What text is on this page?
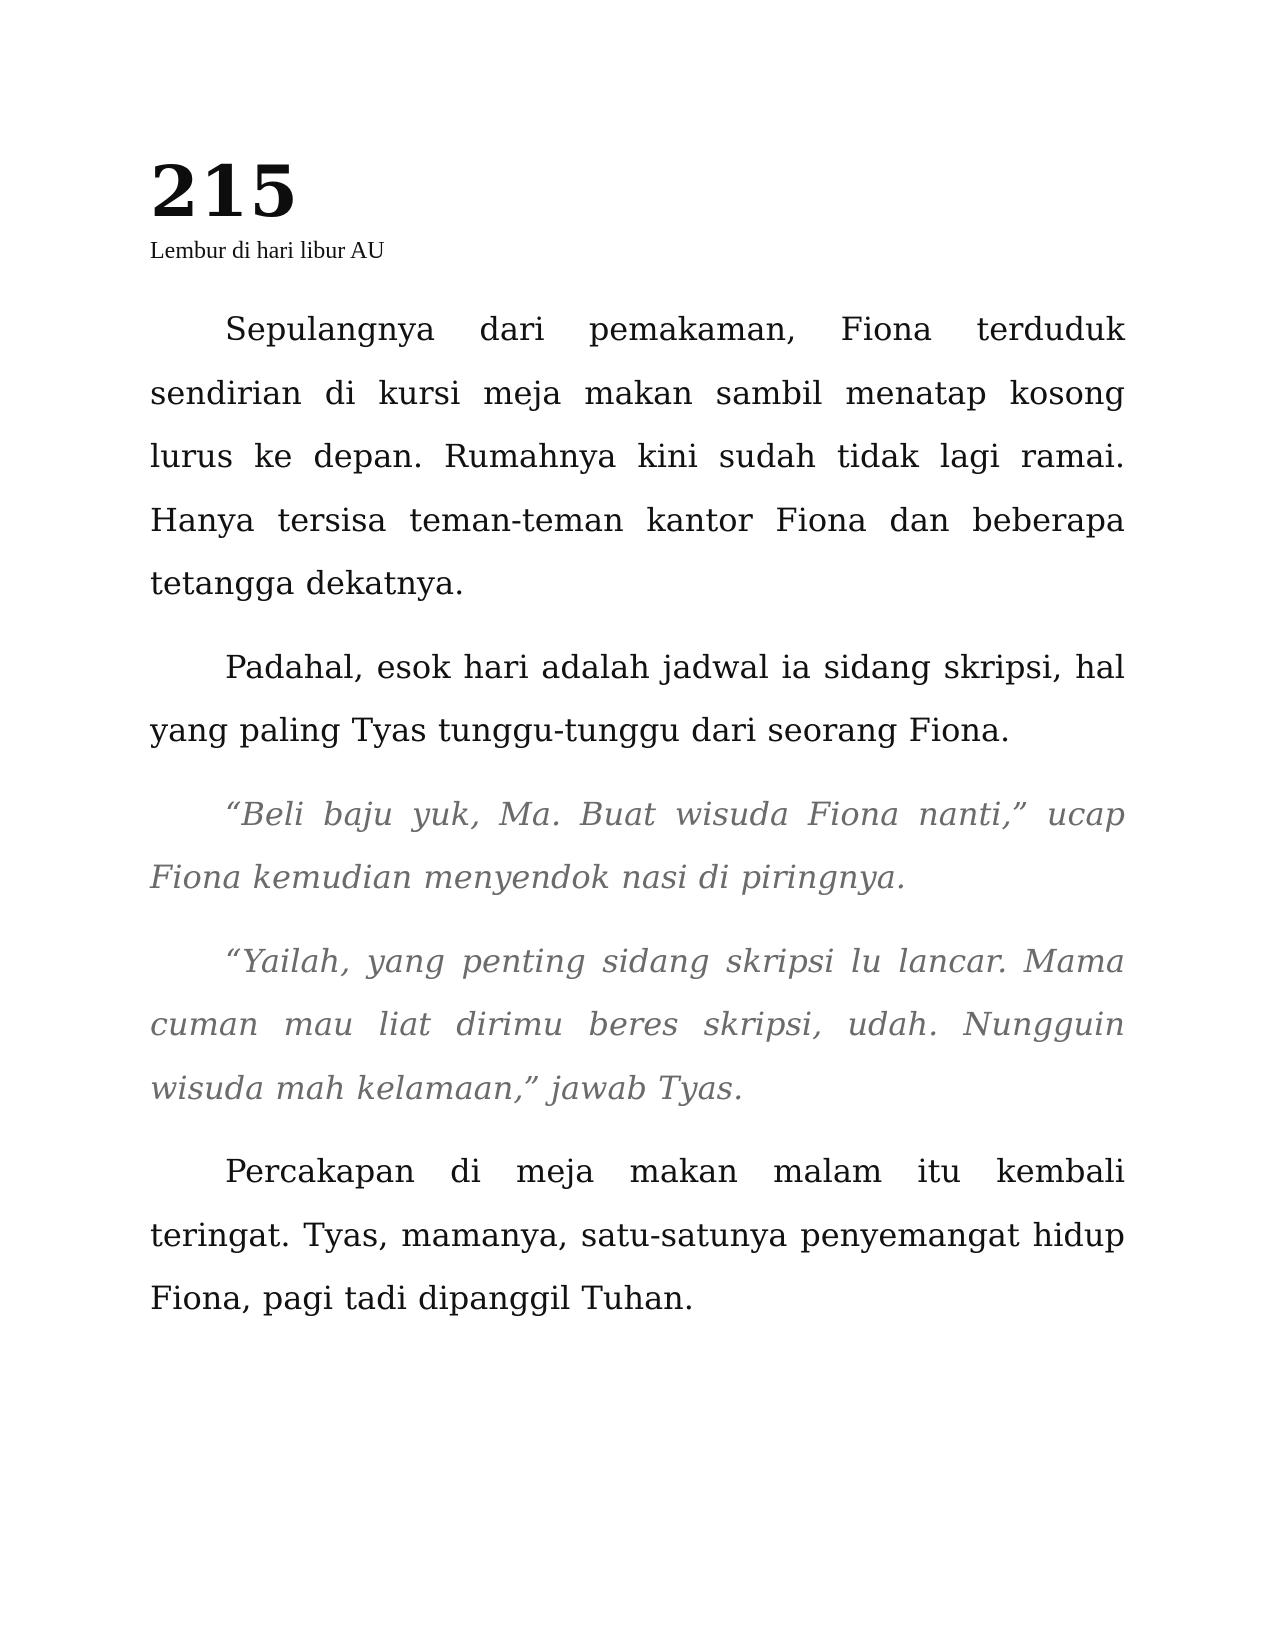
215
Lembur di hari libur AU

Sepulangnya dari pemakaman, Fiona terduduk sendirian di kursi meja makan sambil menatap kosong lurus ke depan. Rumahnya kini sudah tidak lagi ramai. Hanya tersisa teman-teman kantor Fiona dan beberapa tetangga dekatnya.

Padahal, esok hari adalah jadwal ia sidang skripsi, hal yang paling Tyas tunggu-tunggu dari seorang Fiona.

“Beli baju yuk, Ma. Buat wisuda Fiona nanti,” ucap Fiona kemudian menyendok nasi di piringnya.

“Yailah, yang penting sidang skripsi lu lancar. Mama cuman mau liat dirimu beres skripsi, udah. Nungguin wisuda mah kelamaan,” jawab Tyas.

Percakapan di meja makan malam itu kembali teringat. Tyas, mamanya, satu-satunya penyemangat hidup Fiona, pagi tadi dipanggil Tuhan.
